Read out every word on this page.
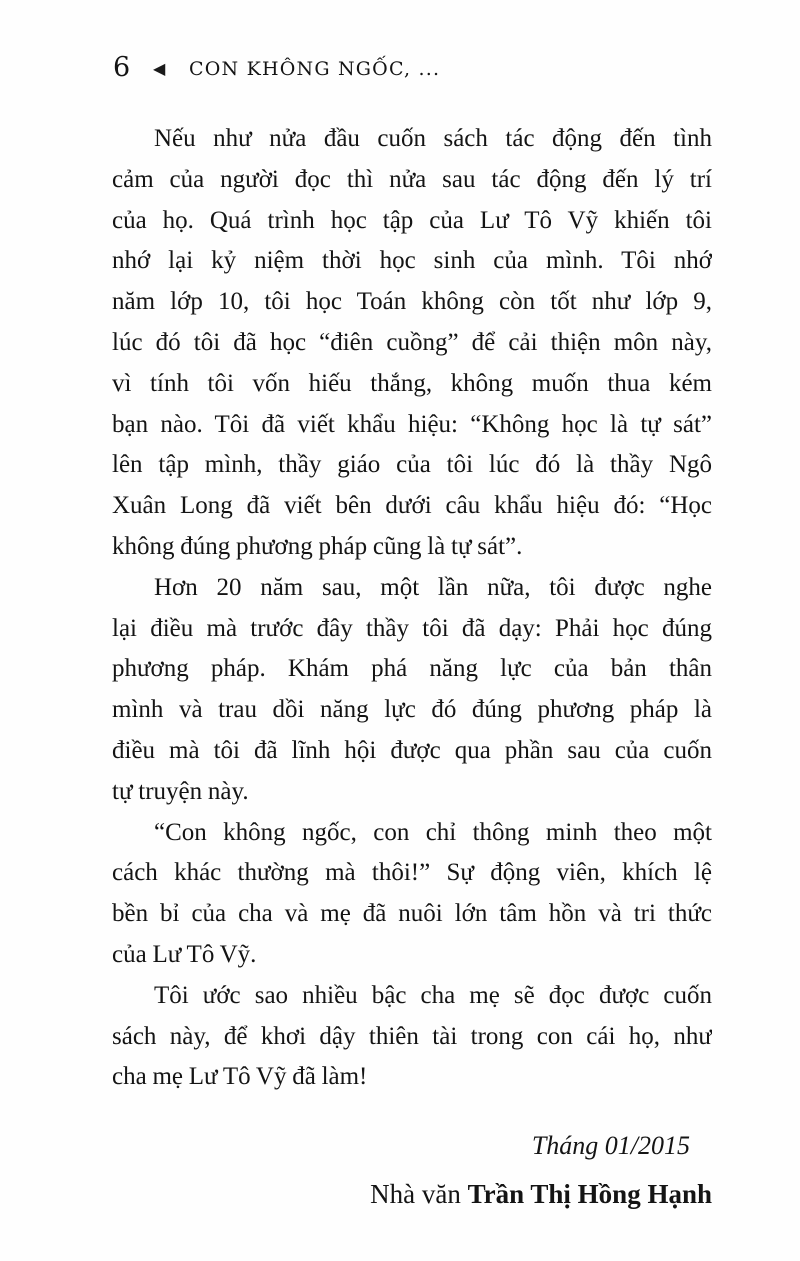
6 ◀ CON KHÔNG NGỐC, ...
Nếu như nửa đầu cuốn sách tác động đến tình
cảm của người đọc thì nửa sau tác động đến lý trí
của họ. Quá trình học tập của Lư Tô Vỹ khiến tôi
nhớ lại kỷ niệm thời học sinh của mình. Tôi nhớ
năm lớp 10, tôi học Toán không còn tốt như lớp 9,
lúc đó tôi đã học “điên cuồng” để cải thiện môn này,
vì tính tôi vốn hiếu thắng, không muốn thua kém
bạn nào. Tôi đã viết khẩu hiệu: “Không học là tự sát”
lên tập mình, thầy giáo của tôi lúc đó là thầy Ngô
Xuân Long đã viết bên dưới câu khẩu hiệu đó: “Học
không đúng phương pháp cũng là tự sát”.
Hơn 20 năm sau, một lần nữa, tôi được nghe
lại điều mà trước đây thầy tôi đã dạy: Phải học đúng
phương pháp. Khám phá năng lực của bản thân
mình và trau dồi năng lực đó đúng phương pháp là
điều mà tôi đã lĩnh hội được qua phần sau của cuốn
tự truyện này.
“Con không ngốc, con chỉ thông minh theo một
cách khác thường mà thôi!” Sự động viên, khích lệ
bền bỉ của cha và mẹ đã nuôi lớn tâm hồn và tri thức
của Lư Tô Vỹ.
Tôi ước sao nhiều bậc cha mẹ sẽ đọc được cuốn
sách này, để khơi dậy thiên tài trong con cái họ, như
cha mẹ Lư Tô Vỹ đã làm!
Tháng 01/2015
Nhà văn Trần Thị Hồng Hạnh
